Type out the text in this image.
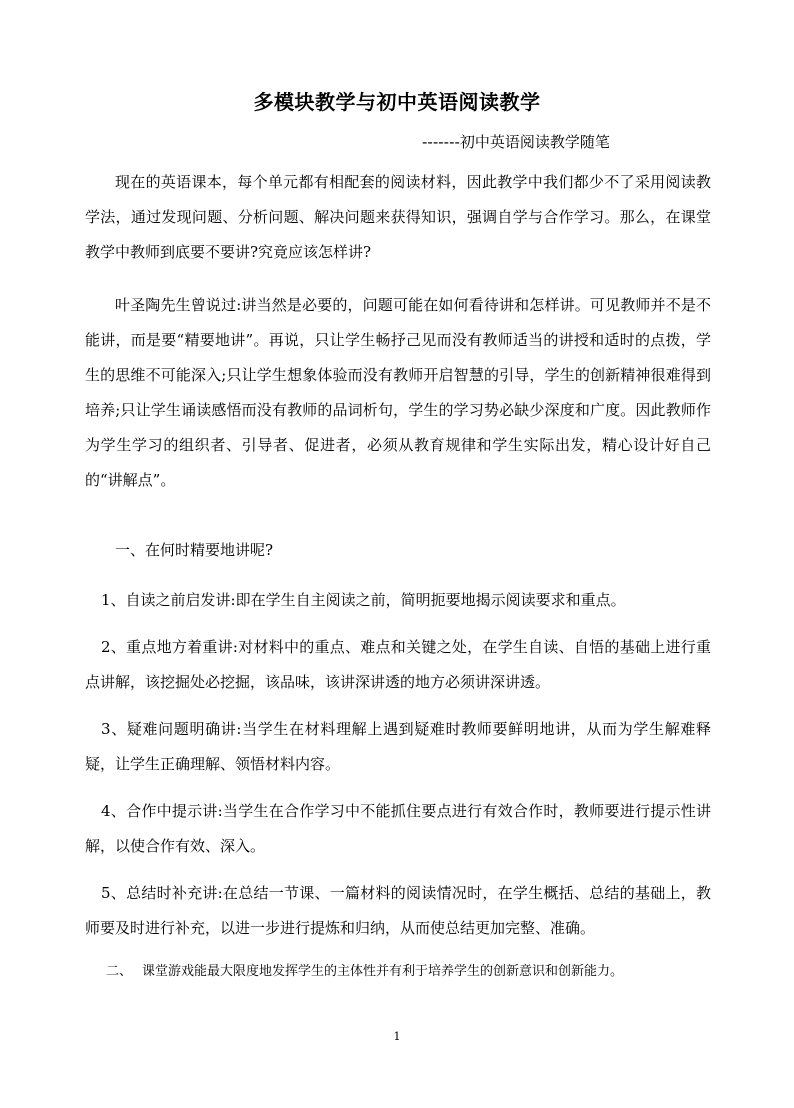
多模块教学与初中英语阅读教学
-------初中英语阅读教学随笔

现在的英语课本，每个单元都有相配套的阅读材料，因此教学中我们都少不了采用阅读教学法，通过发现问题、分析问题、解决问题来获得知识，强调自学与合作学习。那么，在课堂教学中教师到底要不要讲?究竟应该怎样讲?

叶圣陶先生曾说过:讲当然是必要的，问题可能在如何看待讲和怎样讲。可见教师并不是不能讲，而是要“精要地讲”。再说，只让学生畅抒己见而没有教师适当的讲授和适时的点拨，学生的思维不可能深入;只让学生想象体验而没有教师开启智慧的引导，学生的创新精神很难得到培养;只让学生诵读感悟而没有教师的品词析句，学生的学习势必缺少深度和广度。因此教师作为学生学习的组织者、引导者、促进者，必须从教育规律和学生实际出发，精心设计好自己的“讲解点”。

一、在何时精要地讲呢?

1、自读之前启发讲:即在学生自主阅读之前，简明扼要地揭示阅读要求和重点。

2、重点地方着重讲:对材料中的重点、难点和关键之处，在学生自读、自悟的基础上进行重点讲解，该挖掘处必挖掘，该品味，该讲深讲透的地方必须讲深讲透。

3、疑难问题明确讲:当学生在材料理解上遇到疑难时教师要鲜明地讲，从而为学生解难释疑，让学生正确理解、领悟材料内容。

4、合作中提示讲:当学生在合作学习中不能抓住要点进行有效合作时，教师要进行提示性讲解，以使合作有效、深入。

5、总结时补充讲:在总结一节课、一篇材料的阅读情况时，在学生概括、总结的基础上，教师要及时进行补充，以进一步进行提炼和归纳，从而使总结更加完整、准确。

二、 课堂游戏能最大限度地发挥学生的主体性并有利于培养学生的创新意识和创新能力。
1
